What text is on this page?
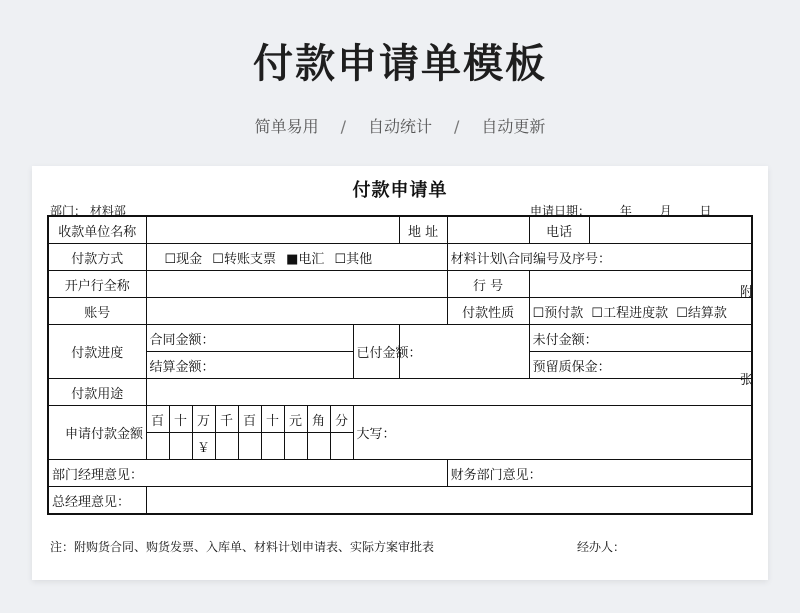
付款申请单模板
简单易用 / 自动统计 / 自动更新
付款申请单
部门： 材料部	申请日期： 年 月 日
收款单位名称											地 址		电话	
付款方式	☐现金 ☐转账支票 ■电汇 ☐其他											材料计划\合同编号及序号：		
开户行全称												行 号		
账号												付款性质	☐预付款 ☐工程进度款 ☐结算款	
付款进度	合同金额：									已付金额：			未付金额：	
	结算金额：												预留质保金：	
付款用途														
申请付款金额	百	十	万	千	百	十	元	角	分	大写：				
			￥											
部门经理意见：												财务部门意见：		
总经理意见：														
附
张
注：附购货合同、购货发票、入库单、材料计划申请表、实际方案审批表	经办人：
